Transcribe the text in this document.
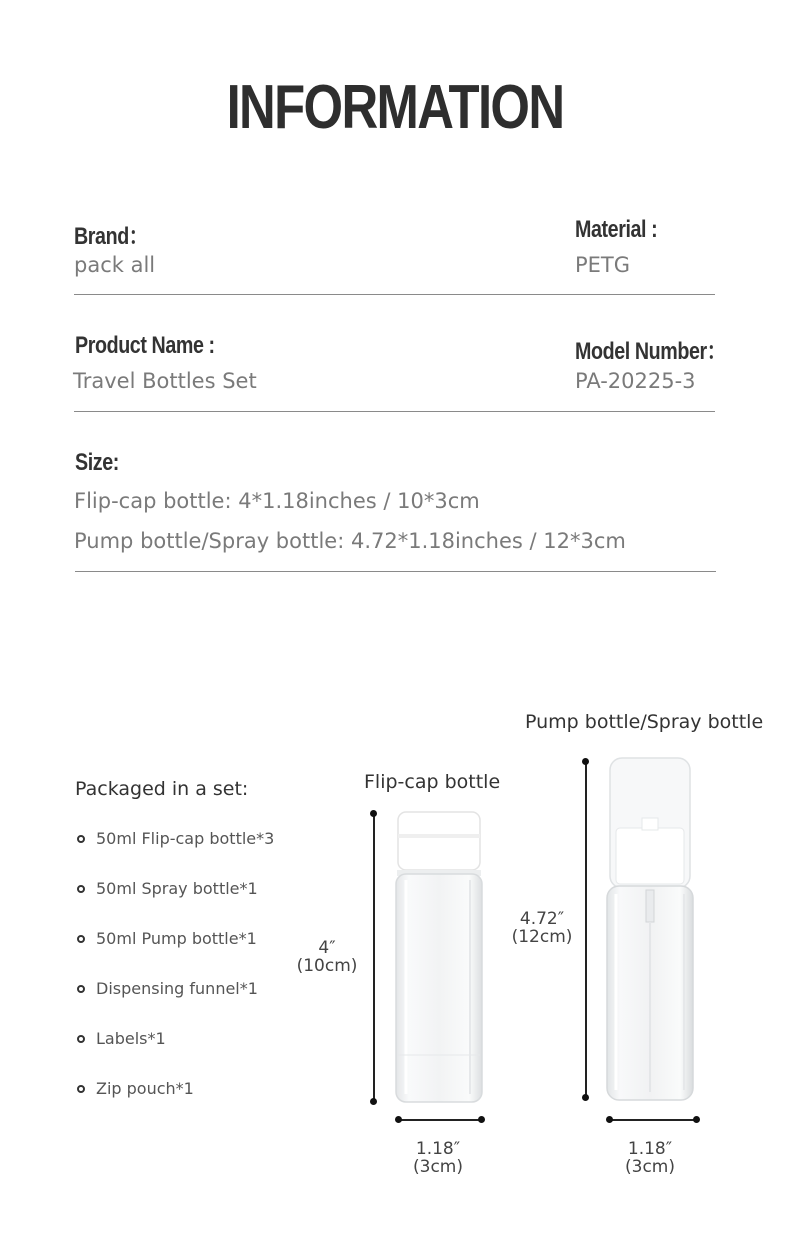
INFORMATION
Brand：
pack all
Material :
PETG
Product Name :
Travel Bottles Set
Model Number：
PA-20225-3
Size:
Flip-cap bottle: 4*1.18inches / 10*3cm
Pump bottle/Spray bottle: 4.72*1.18inches / 12*3cm
Packaged in a set:
50ml Flip-cap bottle*3
50ml Spray bottle*1
50ml Pump bottle*1
Dispensing funnel*1
Labels*1
Zip pouch*1
Flip-cap bottle
4″
(10cm)
1.18″
(3cm)
Pump bottle/Spray bottle
4.72″
(12cm)
1.18″
(3cm)
